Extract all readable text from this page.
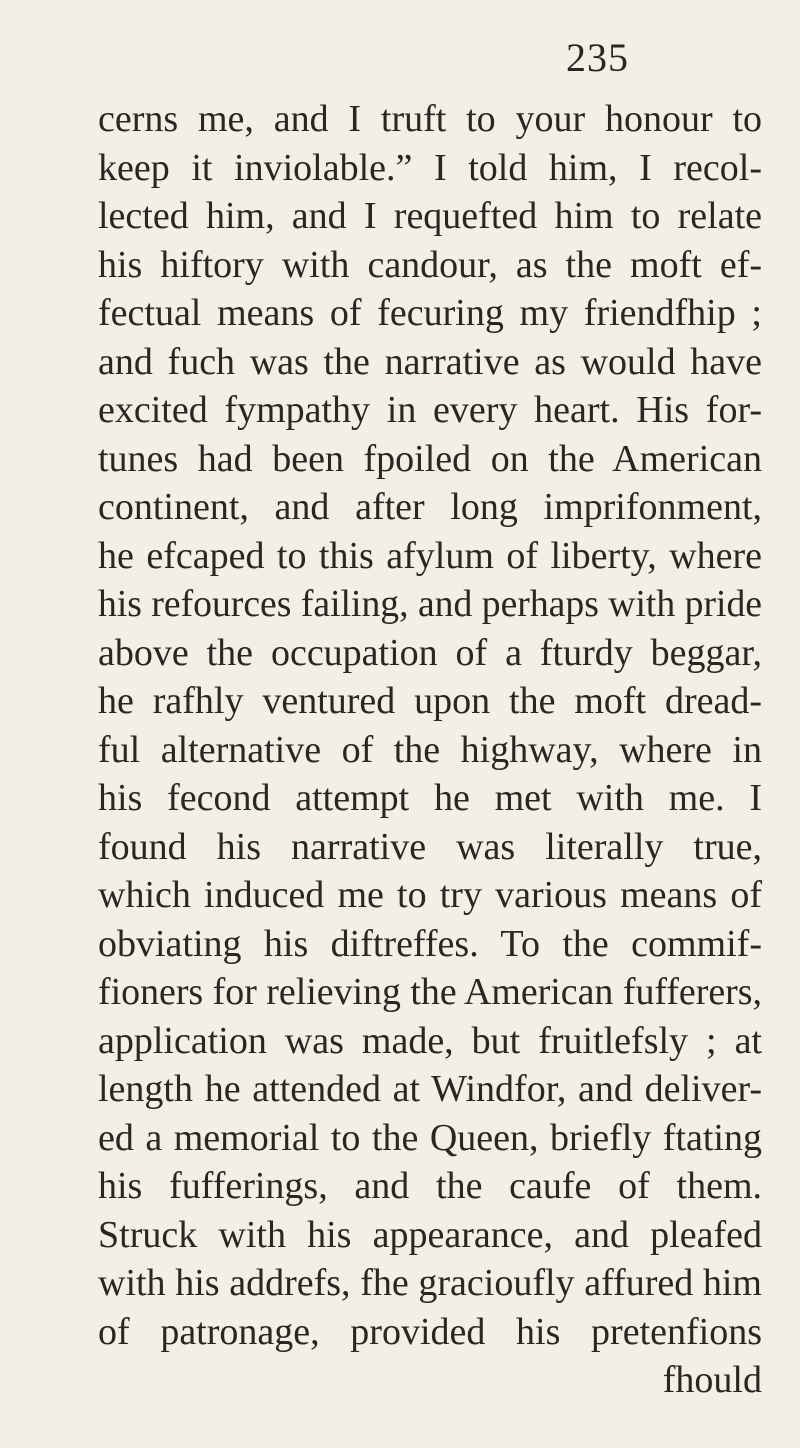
235
cerns me, and I truft to your honour to
keep it inviolable.” I told him, I recol-
lected him, and I requefted him to relate
his hiftory with candour, as the moft ef-
fectual means of fecuring my friendfhip ;
and fuch was the narrative as would have
excited fympathy in every heart. His for-
tunes had been fpoiled on the American
continent, and after long imprifonment,
he efcaped to this afylum of liberty, where
his refources failing, and perhaps with pride
above the occupation of a fturdy beggar,
he rafhly ventured upon the moft dread-
ful alternative of the highway, where in
his fecond attempt he met with me. I
found his narrative was literally true,
which induced me to try various means of
obviating his diftreffes. To the commif-
fioners for relieving the American fufferers,
application was made, but fruitlefsly ; at
length he attended at Windfor, and deliver-
ed a memorial to the Queen, briefly ftating
his fufferings, and the caufe of them.
Struck with his appearance, and pleafed
with his addrefs, fhe gracioufly affured him
of patronage, provided his pretenfions
fhould
